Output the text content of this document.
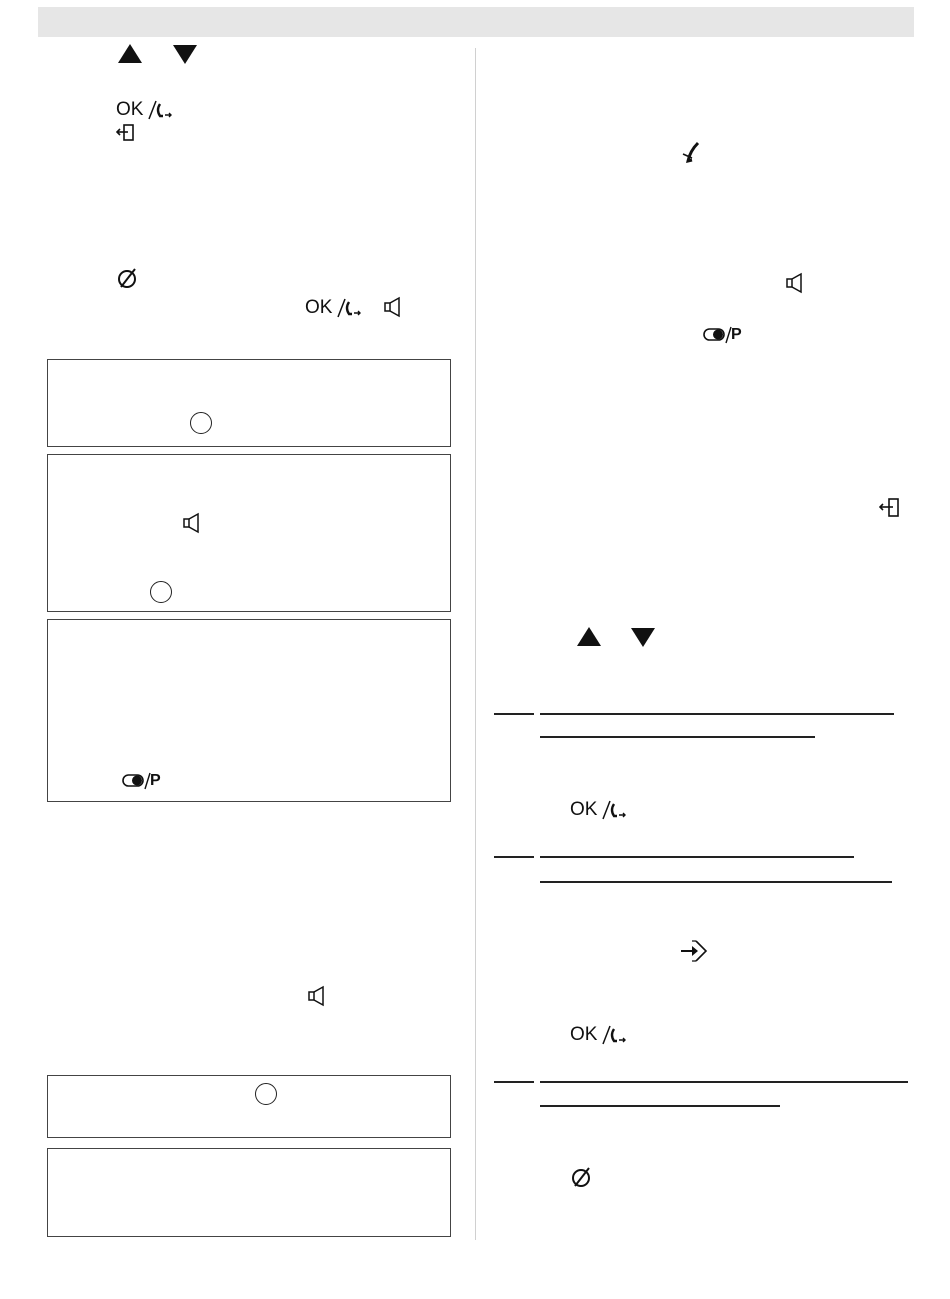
OK
OK
P
P
OK
OK
